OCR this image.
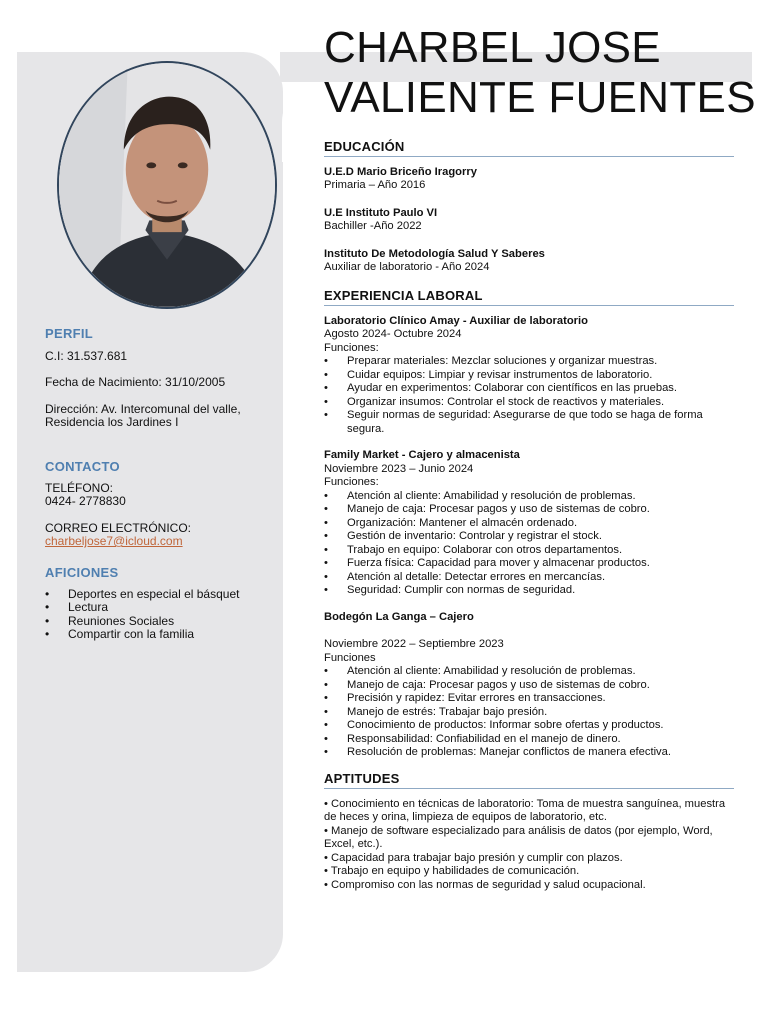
CHARBEL JOSE
VALIENTE FUENTES
PERFIL

C.I: 31.537.681

Fecha de Nacimiento: 31/10/2005

Dirección: Av. Intercomunal del valle,

Residencia los Jardines I

CONTACTO

TELÉFONO:

0424- 2778830

CORREO ELECTRÓNICO:

charbeljose7@icloud.com

AFICIONES
• Deportes en especial el básquet
• Lectura
• Reuniones Sociales
• Compartir con la familia
EDUCACIÓN

U.E.D Mario Briceño Iragorry

Primaria – Año 2016

U.E Instituto Paulo VI

Bachiller -Año 2022

Instituto De Metodología Salud Y Saberes

Auxiliar de laboratorio - Año 2024

EXPERIENCIA LABORAL

Laboratorio Clínico Amay - Auxiliar de laboratorio

Agosto 2024- Octubre 2024

Funciones:

• Preparar materiales: Mezclar soluciones y organizar muestras.
• Cuidar equipos: Limpiar y revisar instrumentos de laboratorio.
• Ayudar en experimentos: Colaborar con científicos en las pruebas.
• Organizar insumos: Controlar el stock de reactivos y materiales.
• Seguir normas de seguridad: Asegurarse de que todo se haga de forma segura.

Family Market - Cajero y almacenista

Noviembre 2023 – Junio 2024

Funciones:

• Atención al cliente: Amabilidad y resolución de problemas.
• Manejo de caja: Procesar pagos y uso de sistemas de cobro.
• Organización: Mantener el almacén ordenado.
• Gestión de inventario: Controlar y registrar el stock.
• Trabajo en equipo: Colaborar con otros departamentos.
• Fuerza física: Capacidad para mover y almacenar productos.
• Atención al detalle: Detectar errores en mercancías.
• Seguridad: Cumplir con normas de seguridad.

Bodegón La Ganga – Cajero

Noviembre 2022 – Septiembre 2023

Funciones

• Atención al cliente: Amabilidad y resolución de problemas.
• Manejo de caja: Procesar pagos y uso de sistemas de cobro.
• Precisión y rapidez: Evitar errores en transacciones.
• Manejo de estrés: Trabajar bajo presión.
• Conocimiento de productos: Informar sobre ofertas y productos.
• Responsabilidad: Confiabilidad en el manejo de dinero.
• Resolución de problemas: Manejar conflictos de manera efectiva.
APTITUDES

• Conocimiento en técnicas de laboratorio: Toma de muestra sanguínea, muestra de heces y orina, limpieza de equipos de laboratorio, etc.

• Manejo de software especializado para análisis de datos (por ejemplo, Word, Excel, etc.).

• Capacidad para trabajar bajo presión y cumplir con plazos.

• Trabajo en equipo y habilidades de comunicación.

• Compromiso con las normas de seguridad y salud ocupacional.
